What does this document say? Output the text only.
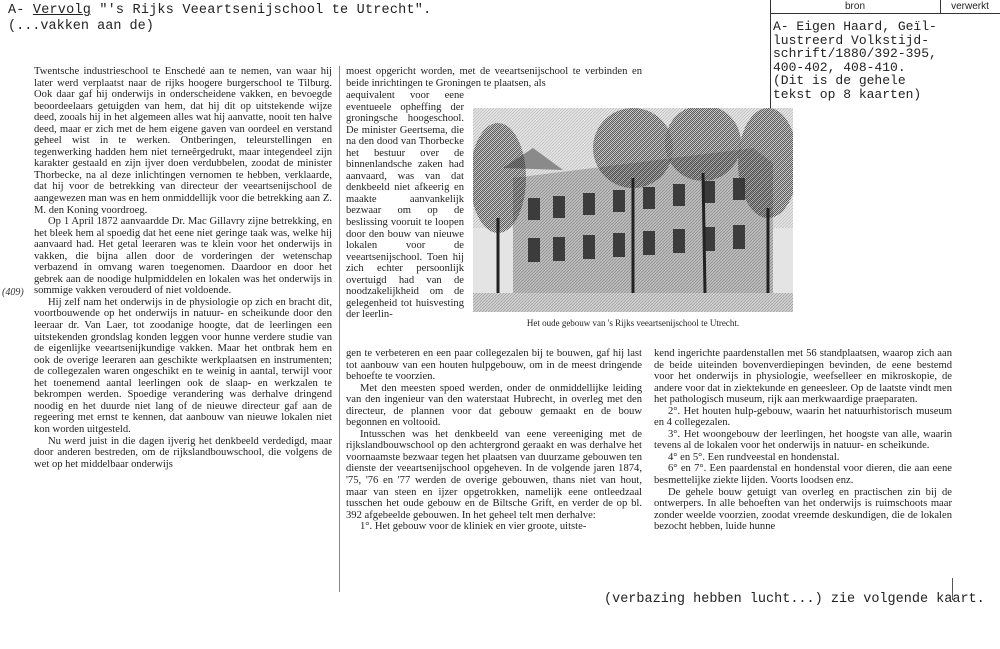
A- Vervolg "'s Rijks Veeartsenijschool te Utrecht".
(...vakken aan de)
bron	verwerkt
A- Eigen Haard, Geïl-
lustreerd Volkstijd-
schrift/1880/392-395,
400-402, 408-410.
(Dit is de gehele
tekst op 8 kaarten)
(409)

Twentsche industrieschool te Enschedé aan te nemen, van waar hij later werd verplaatst naar de rijks hoogere burgerschool te Tilburg. Ook daar gaf hij onderwijs in onderscheidene vakken, en bevoegde beoordeelaars getuigden van hem, dat hij dit op uitstekende wijze deed, zooals hij in het algemeen alles wat hij aanvatte, nooit ten halve deed, maar er zich met de hem eigene gaven van oordeel en verstand geheel wist in te werken. Ontberingen, teleurstellingen en tegenwerking hadden hem niet terneêrgedrukt, maar integendeel zijn karakter gestaald en zijn ijver doen verdubbelen, zoodat de minister Thorbecke, na al deze inlichtingen vernomen te hebben, verklaarde, dat hij voor de betrekking van directeur der veeartsenijschool de aangewezen man was en hem onmiddellijk voor die betrekking aan Z. M. den Koning voordroeg.

Op 1 April 1872 aanvaardde Dr. Mac Gillavry zijne betrekking, en het bleek hem al spoedig dat het eene niet geringe taak was, welke hij aanvaard had. Het getal leeraren was te klein voor het onderwijs in vakken, die bijna allen door de vorderingen der wetenschap verbazend in omvang waren toegenomen. Daardoor en door het gebrek aan de noodige hulpmiddelen en lokalen was het onderwijs in sommige vakken verouderd of niet voldoende.

Hij zelf nam het onderwijs in de physiologie op zich en bracht dit, voortbouwende op het onderwijs in natuur- en scheikunde door den leeraar dr. Van Laer, tot zoodanige hoogte, dat de leerlingen een uitstekenden grondslag konden leggen voor hunne verdere studie van de eigenlijke veeartsenijkundige vakken. Maar het ontbrak hem en ook de overige leeraren aan geschikte werkplaatsen en instrumenten; de collegezalen waren ongeschikt en te weinig in aantal, terwijl voor het toenemend aantal leerlingen ook de slaap- en werkzalen te bekrompen werden. Spoedige verandering was derhalve dringend noodig en het duurde niet lang of de nieuwe directeur gaf aan de regeering met ernst te kennen, dat aanbouw van nieuwe lokalen niet kon worden uitgesteld.

Nu werd juist in die dagen ijverig het denkbeeld verdedigd, maar door anderen bestreden, om de rijkslandbouwschool, die volgens de wet op het middelbaar onderwijs

moest opgericht worden, met de veeartsenijschool te verbinden en beide inrichtingen te Groningen te plaatsen, als
aequivalent voor eene eventueele opheffing der groningsche hoogeschool. De minister Geertsema, die na den dood van Thorbecke het bestuur over de binnenlandsche zaken had aanvaard, was van dat denkbeeld niet afkeerig en maakte aanvankelijk bezwaar om op de beslissing vooruit te loopen door den bouw van nieuwe lokalen voor de veeartsenijschool. Toen hij zich echter persoonlijk overtuigd had van de noodzakelijkheid om de gelegenheid tot huisvesting der leerlin-
Het oude gebouw van 's Rijks veeartsenijschool te Utrecht.

gen te verbeteren en een paar collegezalen bij te bouwen, gaf hij last tot aanbouw van een houten hulpgebouw, om in de meest dringende behoefte te voorzien.

Met den meesten spoed werden, onder de onmiddellijke leiding van den ingenieur van den waterstaat Hubrecht, in overleg met den directeur, de plannen voor dat gebouw gemaakt en de bouw begonnen en voltooid.

Intusschen was het denkbeeld van eene vereeniging met de rijkslandbouwschool op den achtergrond geraakt en was derhalve het voornaamste bezwaar tegen het plaatsen van duurzame gebouwen ten dienste der veeartsenijschool opgeheven. In de volgende jaren 1874, '75, '76 en '77 werden de overige gebouwen, thans niet van hout, maar van steen en ijzer opgetrokken, namelijk eene ontleedzaal tusschen het oude gebouw en de Biltsche Grift, en verder de op bl. 392 afgebeelde gebouwen. In het geheel telt men derhalve:

1°. Het gebouw voor de kliniek en vier groote, uitste-

kend ingerichte paardenstallen met 56 standplaatsen, waarop zich aan de beide uiteinden bovenverdiepingen bevinden, de eene bestemd voor het onderwijs in physiologie, weefselleer en mikroskopie, de andere voor dat in ziektekunde en geneesleer. Op de laatste vindt men het pathologisch museum, rijk aan merkwaardige praeparaten.

2°. Het houten hulp-gebouw, waarin het natuurhistorisch museum en 4 collegezalen.

3°. Het woongebouw der leerlingen, het hoogste van alle, waarin tevens al de lokalen voor het onderwijs in natuur- en scheikunde.

4° en 5°. Een rundveestal en hondenstal.

6° en 7°. Een paardenstal en hondenstal voor dieren, die aan eene besmettelijke ziekte lijden. Voorts loodsen enz.

De gehele bouw getuigt van overleg en practischen zin bij de ontwerpers. In alle behoeften van het onderwijs is ruimschoots maar zonder weelde voorzien, zoodat vreemde deskundigen, die de lokalen bezocht hebben, luide hunne

(verbazing hebben lucht...) zie volgende kaart.
